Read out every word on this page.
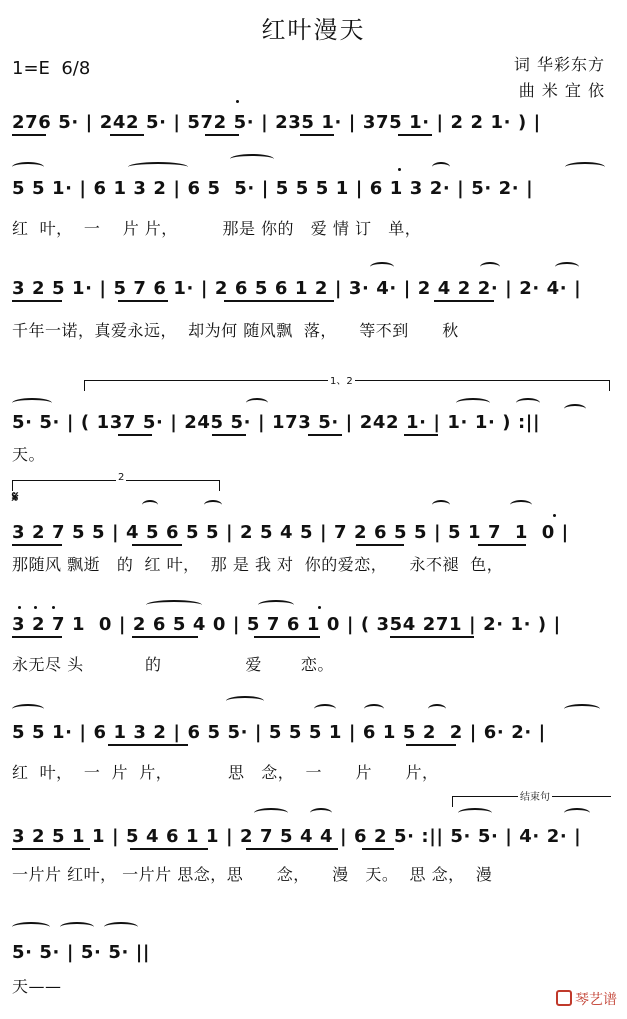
红叶漫天
1=E  6/8	词 华彩东方
曲 米 宜 依
276 5· | 242 5· | 572 5· | 235 1· | 375 1· | 2 2 1· ) |
5 5 1· | 6 1 3 2 | 6 5  5· | 5 5 5 1 | 6 1 3 2· | 5· 2· |
红  叶，  一    片 片，        那是 你的   爱 情 订   单，
3 2 5 1· | 5 7 6 1· | 2 6 5 6 1 2 | 3· 4· | 2 4 2 2· | 2· 4· |
千年一诺，真爱永远，  却为何 随风飘  落，    等不到      秋
1、2
5· 5· | ( 137 5· | 245 5· | 173 5· | 242 1· | 1· 1· ) :||
天。
2
𝄋
3 2 7 5 5 | 4 5 6 5 5 | 2 5 4 5 | 7 2 6 5 5 | 5 1 7  1  0 |
那随风 飘逝   的  红 叶，  那 是 我 对  你的爱恋，    永不褪  色，
3 2 7 1  0 | 2 6 5 4 0 | 5 7 6 1 0 | ( 354 271 | 2· 1· ) |
永无尽 头           的               爱       恋。
5 5 1· | 6 1 3 2 | 6 5 5· | 5 5 5 1 | 6 1 5 2  2 | 6· 2· |
红  叶，  一  片  片，          思   念，  一      片      片，
结束句
3 2 5 1 1 | 5 4 6 1 1 | 2 7 5 4 4 | 6 2 5· :|| 5· 5· | 4· 2· |
一片片 红叶， 一片片 思念，思      念，    漫   天。  思 念，  漫
5· 5· | 5· 5· ||
天——

琴艺谱
